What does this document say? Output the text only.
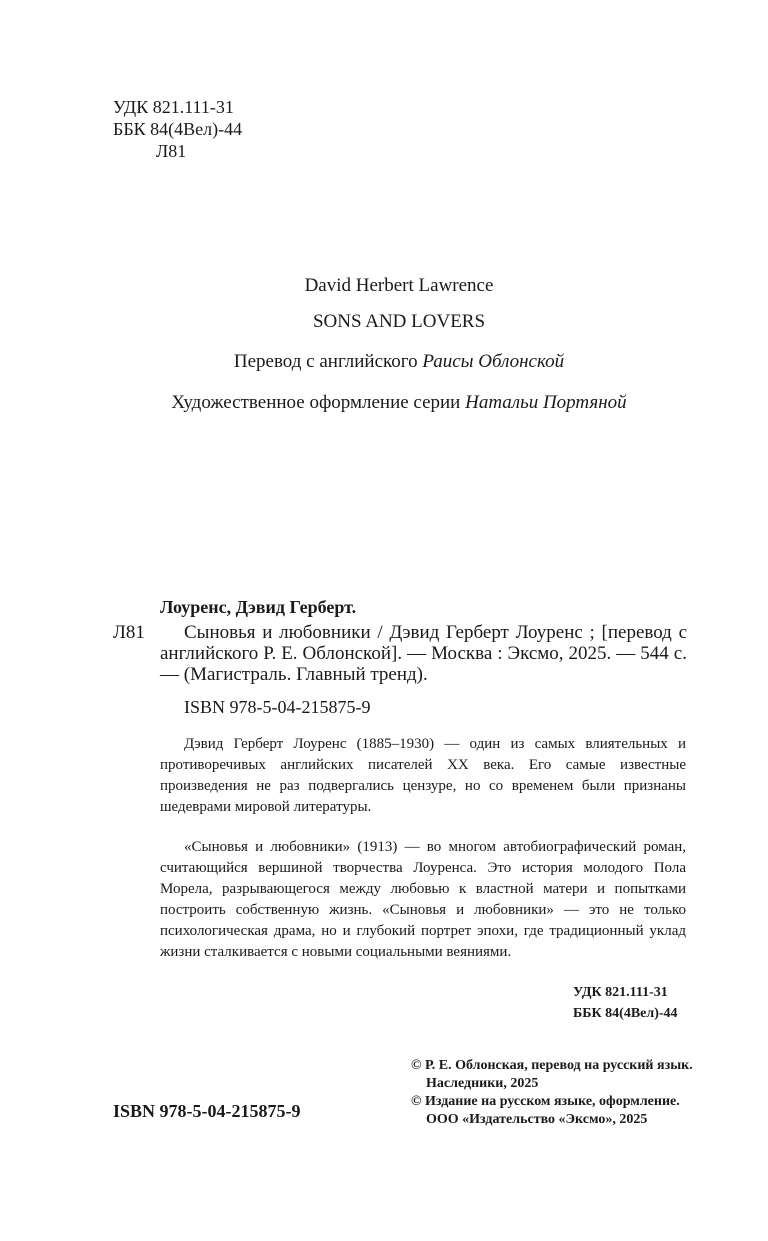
УДК 821.111-31
ББК 84(4Вел)-44
Л81
David Herbert Lawrence
SONS AND LOVERS
Перевод с английского Раисы Облонской
Художественное оформление серии Натальи Портяной
Лоуренс, Дэвид Герберт.
Л81	Сыновья и любовники / Дэвид Герберт Лоуренс ; [перевод с английского Р. Е. Облонской]. — Москва : Эксмо, 2025. — 544 с. — (Магистраль. Главный тренд).
ISBN 978-5-04-215875-9
Дэвид Герберт Лоуренс (1885–1930) — один из самых влиятельных и противоречивых английских писателей XX века. Его самые известные произведения не раз подвергались цензуре, но со временем были признаны шедеврами мировой литературы.
«Сыновья и любовники» (1913) — во многом автобиографический роман, считающийся вершиной творчества Лоуренса. Это история молодого Пола Морела, разрывающегося между любовью к властной матери и попытками построить собственную жизнь. «Сыновья и любовники» — это не только психологическая драма, но и глубокий портрет эпохи, где традиционный уклад жизни сталкивается с новыми социальными веяниями.
УДК 821.111-31
ББК 84(4Вел)-44
© Р. Е. Облонская, перевод на русский язык.
Наследники, 2025
© Издание на русском языке, оформление.
ООО «Издательство «Эксмо», 2025
ISBN 978-5-04-215875-9
